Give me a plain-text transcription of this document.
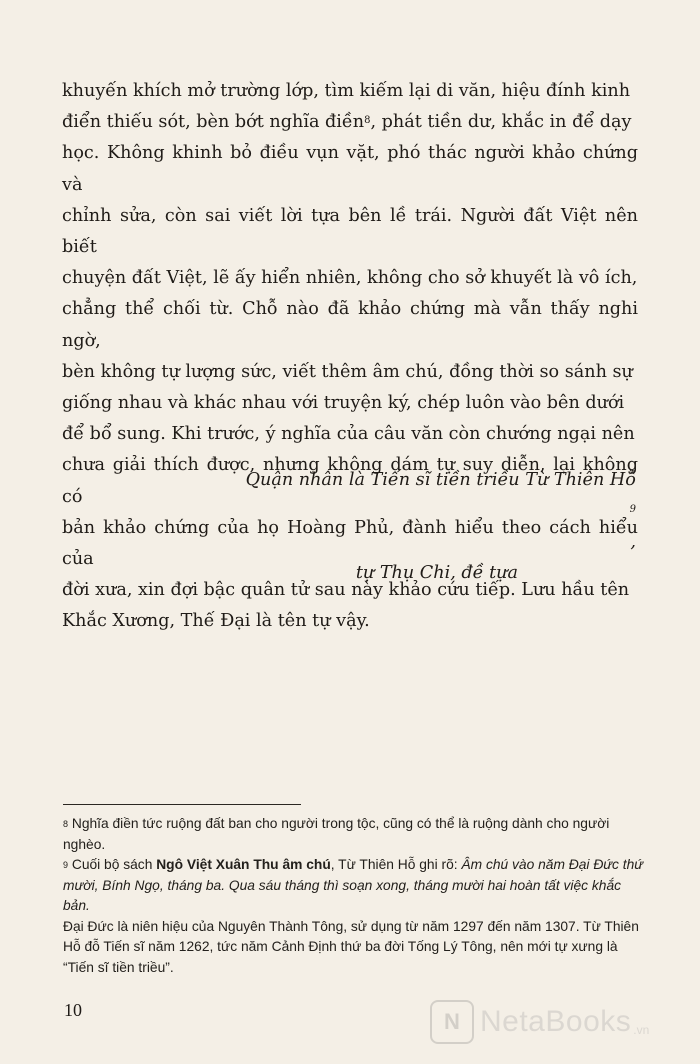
khuyến khích mở trường lớp, tìm kiếm lại di văn, hiệu đính kinh

điển thiếu sót, bèn bớt nghĩa điền$^8$, phát tiền dư, khắc in để dạy

học. Không khinh bỏ điều vụn vặt, phó thác người khảo chứng và

chỉnh sửa, còn sai viết lời tựa bên lề trái. Người đất Việt nên biết

chuyện đất Việt, lẽ ấy hiển nhiên, không cho sở khuyết là vô ích,

chẳng thể chối từ. Chỗ nào đã khảo chứng mà vẫn thấy nghi ngờ,

bèn không tự lượng sức, viết thêm âm chú, đồng thời so sánh sự

giống nhau và khác nhau với truyện ký, chép luôn vào bên dưới

để bổ sung. Khi trước, ý nghĩa của câu văn còn chướng ngại nên

chưa giải thích được, nhưng không dám tự suy diễn, lại không có

bản khảo chứng của họ Hoàng Phủ, đành hiểu theo cách hiểu của

đời xưa, xin đợi bậc quân tử sau này khảo cứu tiếp. Lưu hầu tên

Khắc Xương, Thế Đại là tên tự vậy.

Quận nhân là Tiến sĩ tiền triều Từ Thiên Hỗ
$^9$
,
tự Thụ Chi, đề tựa
$^8$ Nghĩa điền tức ruộng đất ban cho người trong tộc, cũng có thể là ruộng dành cho người nghèo.
$^9$ Cuối bộ sách Ngô Việt Xuân Thu âm chú, Từ Thiên Hỗ ghi rõ: Âm chú vào năm Đại Đức thứ mười, Bính Ngọ, tháng ba. Qua sáu tháng thì soạn xong, tháng mười hai hoàn tất việc khắc bản.
Đại Đức là niên hiệu của Nguyên Thành Tông, sử dụng từ năm 1297 đến năm 1307. Từ Thiên Hỗ đỗ Tiến sĩ năm 1262, tức năm Cảnh Định thứ ba đời Tống Lý Tông, nên mới tự xưng là “Tiến sĩ tiền triều”.
10	N NetaBooks .vn
